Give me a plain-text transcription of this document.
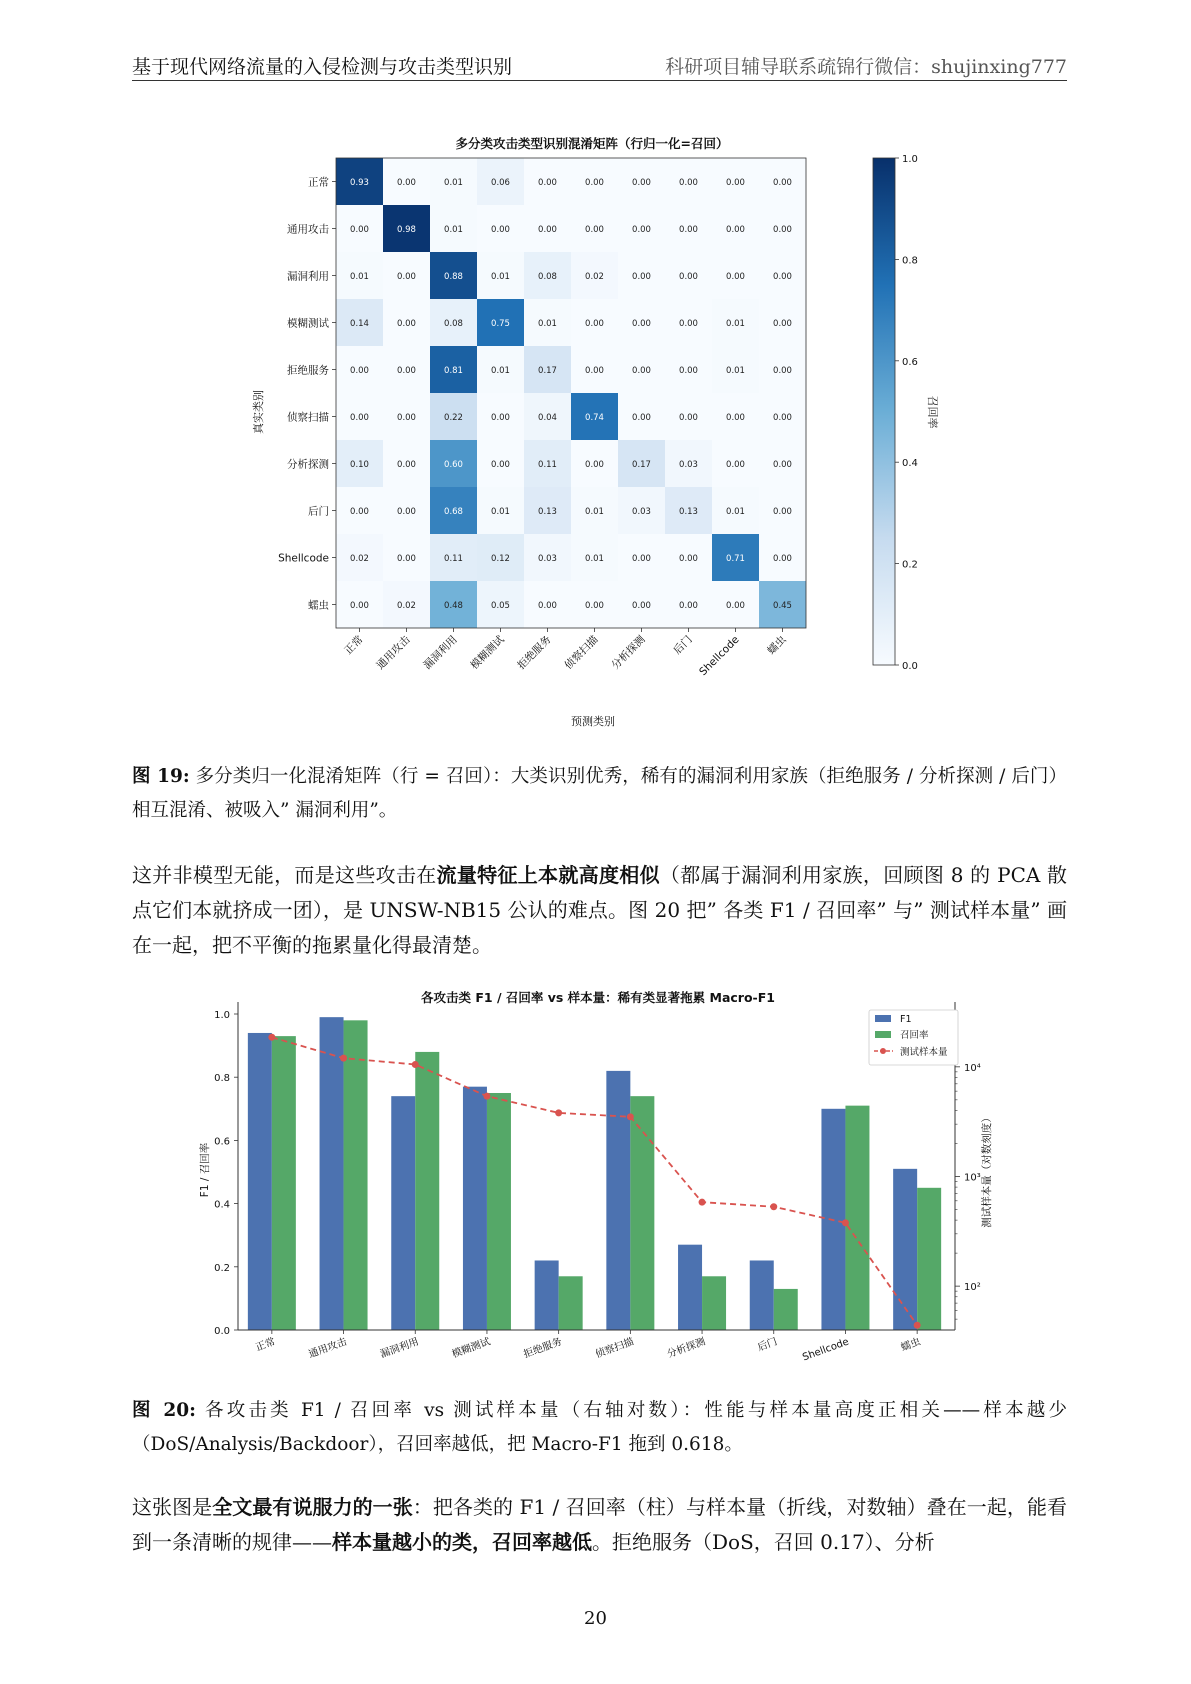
基于现代网络流量的入侵检测与攻击类型识别	科研项目辅导联系疏锦行微信：shujinxing777
多分类攻击类型识别混淆矩阵（行归一化=召回）
真实类别
预测类别
召回率
0.93	0.00	0.01	0.06	0.00	0.00	0.00	0.00	0.00	0.00
0.00	0.98	0.01	0.00	0.00	0.00	0.00	0.00	0.00	0.00
0.01	0.00	0.88	0.01	0.08	0.02	0.00	0.00	0.00	0.00
0.14	0.00	0.08	0.75	0.01	0.00	0.00	0.00	0.01	0.00
0.00	0.00	0.81	0.01	0.17	0.00	0.00	0.00	0.01	0.00
0.00	0.00	0.22	0.00	0.04	0.74	0.00	0.00	0.00	0.00
0.10	0.00	0.60	0.00	0.11	0.00	0.17	0.03	0.00	0.00
0.00	0.00	0.68	0.01	0.13	0.01	0.03	0.13	0.01	0.00
0.02	0.00	0.11	0.12	0.03	0.01	0.00	0.00	0.71	0.00
0.00	0.02	0.48	0.05	0.00	0.00	0.00	0.00	0.00	0.45
正常
正常
通用攻击
通用攻击
漏洞利用
漏洞利用
模糊测试
模糊测试
拒绝服务
拒绝服务
侦察扫描
侦察扫描
分析探测
分析探测
后门
后门
Shellcode
Shellcode
蠕虫
蠕虫
0.0
0.2
0.4
0.6
0.8
1.0
图 19: 多分类归一化混淆矩阵（行 = 召回）：大类识别优秀，稀有的漏洞利用家族（拒绝服务 / 分析探测 / 后门）相互混淆、被吸入” 漏洞利用”。
这并非模型无能，而是这些攻击在流量特征上本就高度相似（都属于漏洞利用家族，回顾图 8 的 PCA 散点它们本就挤成一团），是 UNSW-NB15 公认的难点。图 20 把” 各类 F1 / 召回率” 与” 测试样本量” 画在一起，把不平衡的拖累量化得最清楚。
各攻击类 F1 / 召回率 vs 样本量：稀有类显著拖累 Macro-F1
F1 / 召回率	测试样本量（对数刻度）
正常	通用攻击	漏洞利用	模糊测试	拒绝服务	侦察扫描	分析探测	后门 Shellcode	蠕虫
0.0
0.2
0.4
0.6
0.8
1.0
10²
10³
10⁴
F1
召回率
测试样本量
图 20: 各攻击类 F1 / 召回率 vs 测试样本量（右轴对数）：性能与样本量高度正相关——样本越少（DoS/Analysis/Backdoor），召回率越低，把 Macro-F1 拖到 0.618。
这张图是全文最有说服力的一张：把各类的 F1 / 召回率（柱）与样本量（折线，对数轴）叠在一起，能看到一条清晰的规律——样本量越小的类，召回率越低。拒绝服务（DoS，召回 0.17）、分析
20
